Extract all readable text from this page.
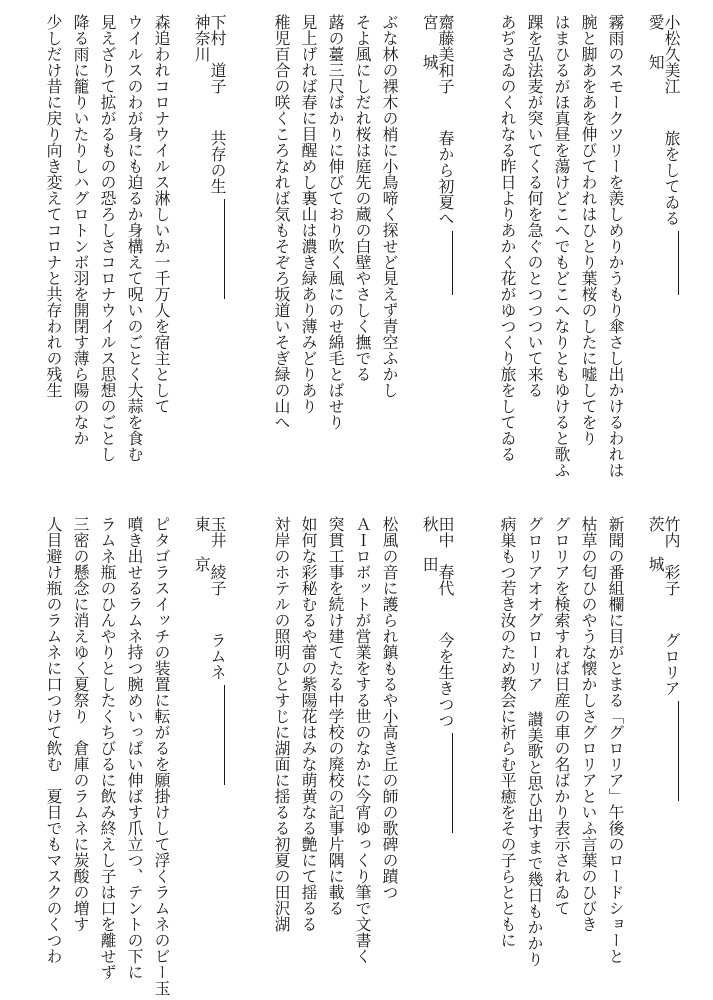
小松久美江
旅をしてゐる
愛
知
霧雨のスモークツリーを羨しめりかうもり傘さし出かけるわれは
腕と脚あをあを伸びてわれはひとり葉桜のしたに嘘してをり
はまひるがほ真昼を蕩けどこへでもどこへなりともゆけると歌ふ
踝を弘法麦が突いてくる何を急ぐのとつつついて来る
あぢさゐのくれなる昨日よりあかく花がゆつくり旅をしてゐる
齋藤美和子
春から初夏へ
宮
城
ぶな林の裸木の梢に小鳥啼く探せど見えず青空ふかし
そよ風にしだれ桜は庭先の蔵の白壁やさしく撫でる
蕗の薹三尺ばかりに伸びており吹く風にのせ綿毛とばせり
見上げれば春に目醒めし裏山は濃き緑あり薄みどりあり
稚児百合の咲くころなれば気もそぞろ坂道いそぎ緑の山へ
下村　道子
共存の生
神奈川
森追われコロナウイルス淋しいか一千万人を宿主として
ウイルスのわが身にも迫るか身構えて呪いのごとく大蒜を食む
見えざりて拡がるものの恐ろしさコロナウイルス思想のごとし
降る雨に籠りいたりしハグロトンボ羽を開閉す薄ら陽のなか
少しだけ昔に戻り向き変えてコロナと共存われの残生
竹内　彩子
グロリア
茨
城
新聞の番組欄に目がとまる「グロリア」午後のロードショーと
枯草の匂ひのやうな懐かしさグロリアといふ言葉のひびき
グロリアを検索すれば日産の車の名ばかり表示されゐて
グロリアオオグローリア 讃美歌と思ひ出すまで幾日もかかり
病巣もつ若き汝のため教会に祈らむ平癒をその子らとともに
田中　春代
今を生きつつ
秋
田
松風の音に護られ鎮もるや小高き丘の師の歌碑の蹟つ
ＡＩロボットが営業をする世のなかに今宵ゆっくり筆で文書く
突貫工事を続け建てたる中学校の廃校の記事片隅に載る
如何な彩秘むるや蕾の紫陽花はみな萌黄なる艶にて揺るる
対岸のホテルの照明ひとすじに湖面に揺るる初夏の田沢湖
玉井　綾子
ラムネ
東
京
ピタゴラスイッチの装置に転がるを願掛けして浮くラムネのビー玉
噴き出せるラムネ持つ腕めいっぱい伸ばす爪立つ、テントの下に
ラムネ瓶のひんやりとしたくちびるに飲み終えし子は口を離せず
三密の懸念に消えゆく夏祭り　倉庫のラムネに炭酸の増す
人目避け瓶のラムネに口つけて飲む　夏日でもマスクのくつわ
